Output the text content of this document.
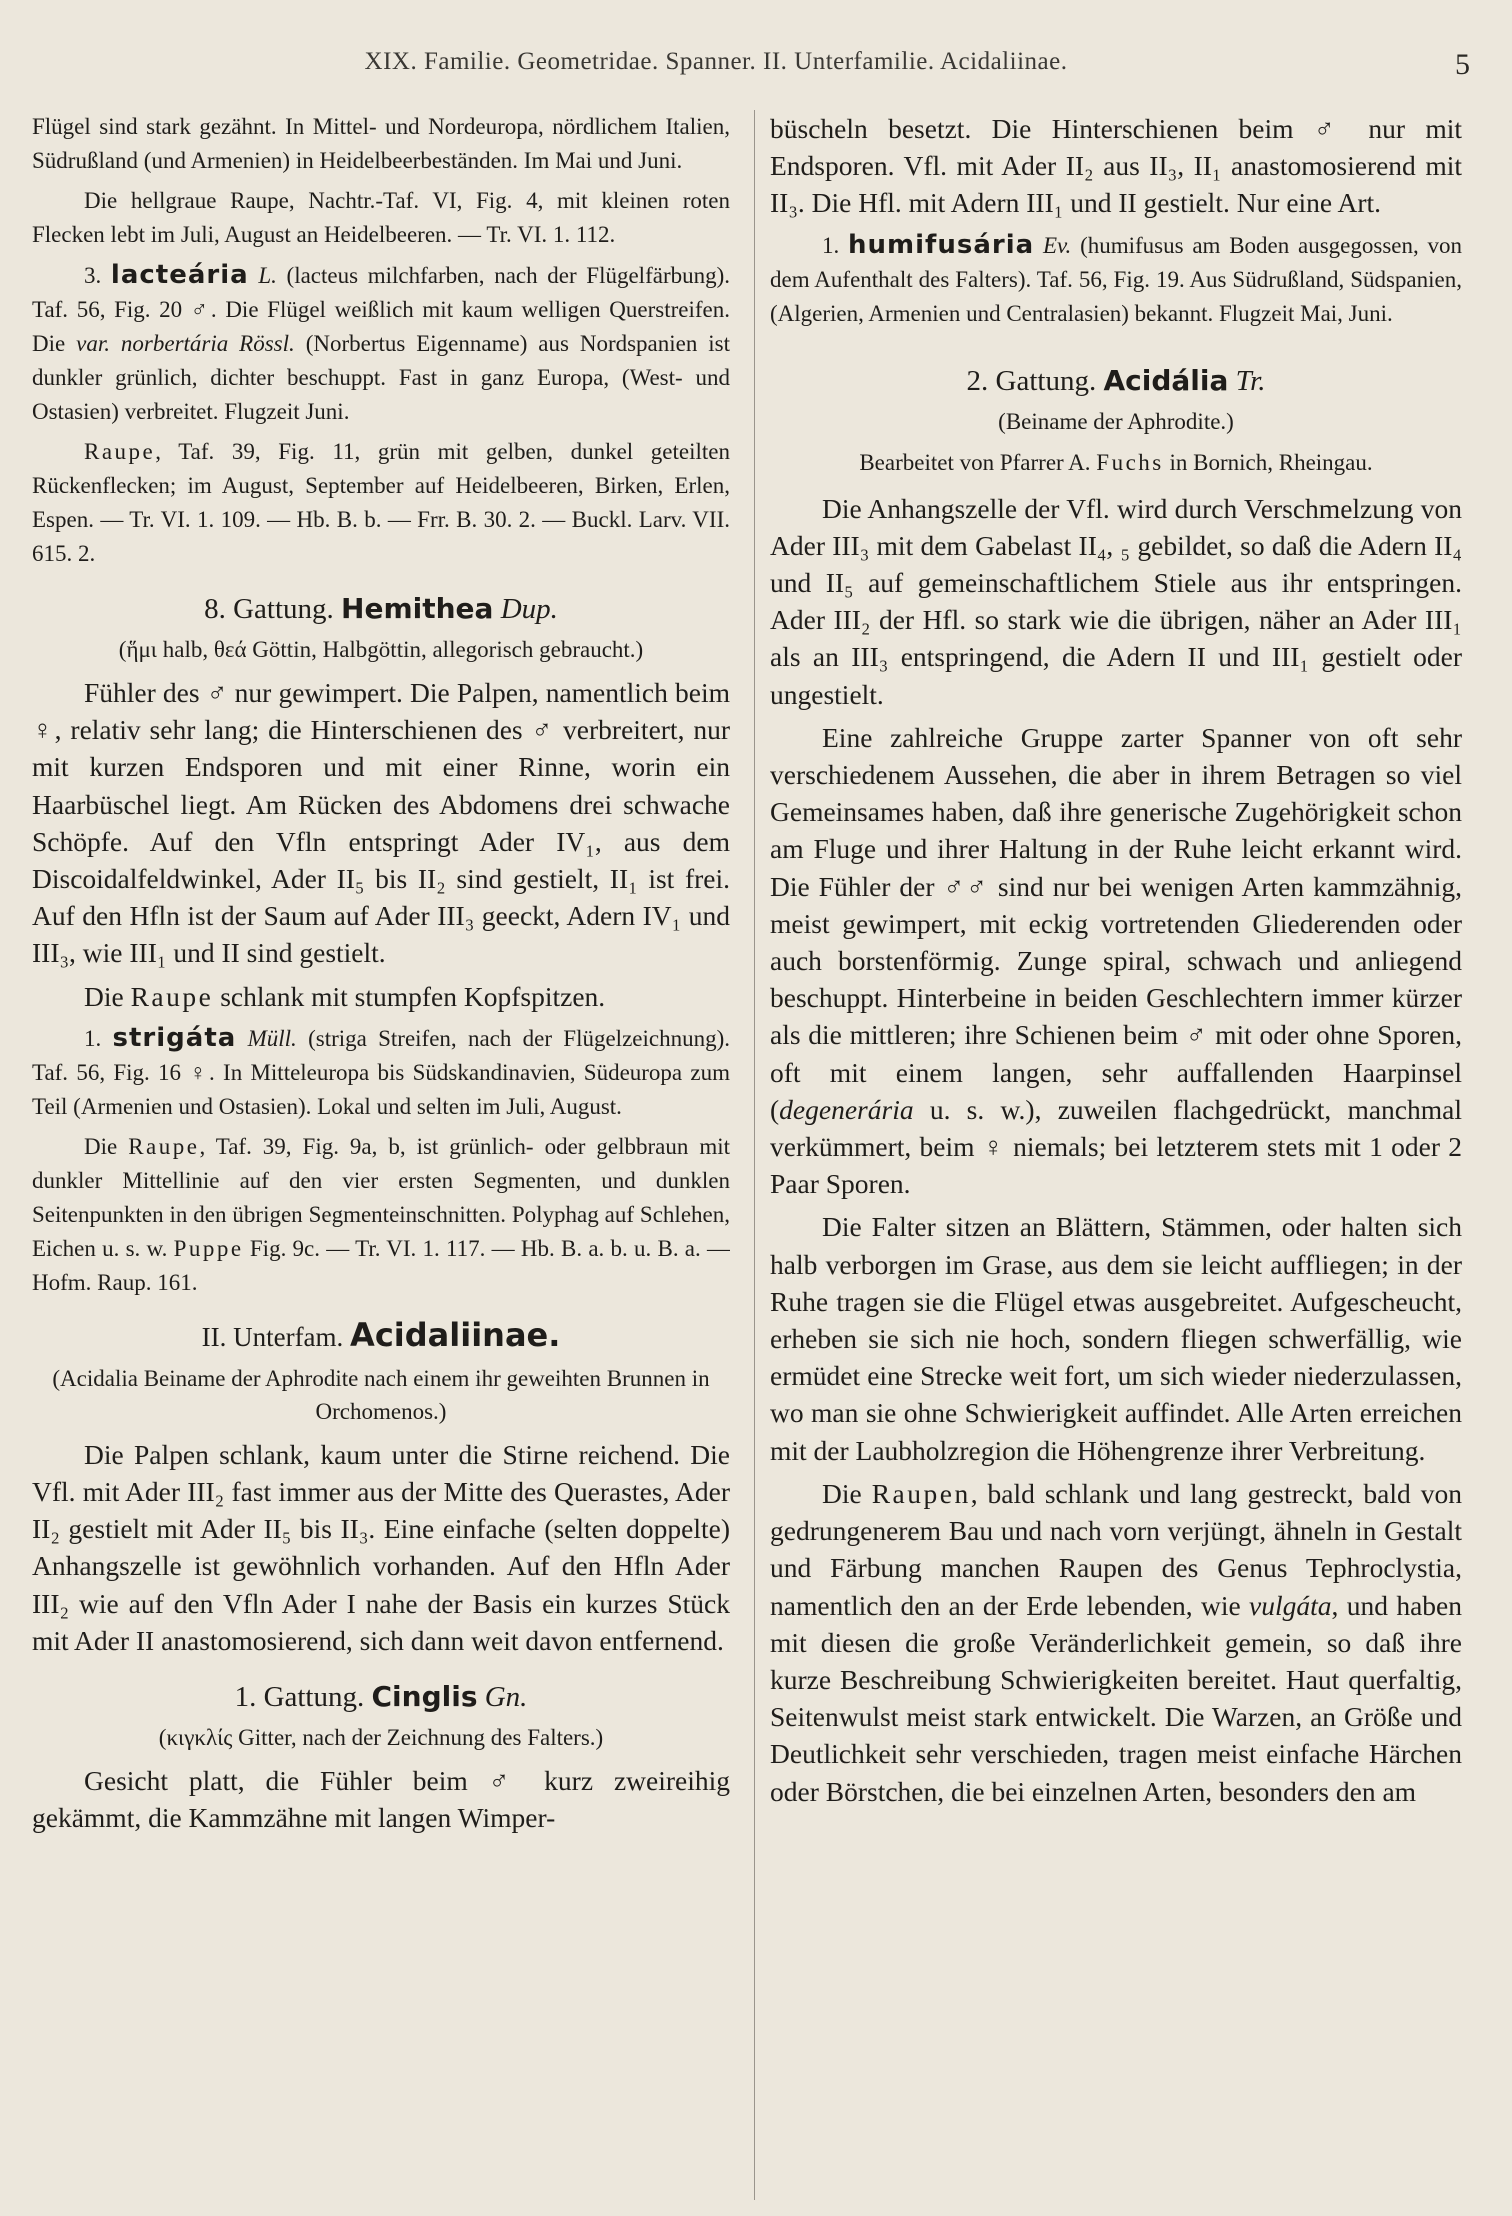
XIX. Familie. Geometridae. Spanner. II. Unterfamilie. Acidaliinae.	5

Flügel sind stark gezähnt. In Mittel- und Nordeuropa, nördlichem Italien, Südrußland (und Armenien) in Heidelbeerbeständen. Im Mai und Juni.

Die hellgraue Raupe, Nachtr.-Taf. VI, Fig. 4, mit kleinen roten Flecken lebt im Juli, August an Heidelbeeren. — Tr. VI. 1. 112.

3. lacteária L. (lacteus milchfarben, nach der Flügelfärbung). Taf. 56, Fig. 20 ♂. Die Flügel weißlich mit kaum welligen Querstreifen. Die var. norbertária Rössl. (Norbertus Eigenname) aus Nordspanien ist dunkler grünlich, dichter beschuppt. Fast in ganz Europa, (West- und Ostasien) verbreitet. Flugzeit Juni.

Raupe, Taf. 39, Fig. 11, grün mit gelben, dunkel geteilten Rückenflecken; im August, September auf Heidelbeeren, Birken, Erlen, Espen. — Tr. VI. 1. 109. — Hb. B. b. — Frr. B. 30. 2. — Buckl. Larv. VII. 615. 2.

8. Gattung. Hemithea Dup.
(ἥμι halb, θεά Göttin, Halbgöttin, allegorisch gebraucht.)

Fühler des ♂ nur gewimpert. Die Palpen, namentlich beim ♀, relativ sehr lang; die Hinterschienen des ♂ verbreitert, nur mit kurzen Endsporen und mit einer Rinne, worin ein Haarbüschel liegt. Am Rücken des Abdomens drei schwache Schöpfe. Auf den Vfln entspringt Ader IV₁, aus dem Discoidalfeldwinkel, Ader II₅ bis II₂ sind gestielt, II₁ ist frei. Auf den Hfln ist der Saum auf Ader III₃ geeckt, Adern IV₁ und III₃, wie III₁ und II sind gestielt.

Die Raupe schlank mit stumpfen Kopfspitzen.

1. strigáta Müll. (striga Streifen, nach der Flügelzeichnung). Taf. 56, Fig. 16 ♀. In Mitteleuropa bis Südskandinavien, Südeuropa zum Teil (Armenien und Ostasien). Lokal und selten im Juli, August.

Die Raupe, Taf. 39, Fig. 9a, b, ist grünlich- oder gelbbraun mit dunkler Mittellinie auf den vier ersten Segmenten, und dunklen Seitenpunkten in den übrigen Segmenteinschnitten. Polyphag auf Schlehen, Eichen u. s. w. Puppe Fig. 9c. — Tr. VI. 1. 117. — Hb. B. a. b. u. B. a. — Hofm. Raup. 161.

II. Unterfam. Acidaliinae.
(Acidalia Beiname der Aphrodite nach einem ihr geweihten Brunnen in Orchomenos.)

Die Palpen schlank, kaum unter die Stirne reichend. Die Vfl. mit Ader III₂ fast immer aus der Mitte des Querastes, Ader II₂ gestielt mit Ader II₅ bis II₃. Eine einfache (selten doppelte) Anhangszelle ist gewöhnlich vorhanden. Auf den Hfln Ader III₂ wie auf den Vfln Ader I nahe der Basis ein kurzes Stück mit Ader II anastomosierend, sich dann weit davon entfernend.

1. Gattung. Cinglis Gn.
(κιγκλίς Gitter, nach der Zeichnung des Falters.)

Gesicht platt, die Fühler beim ♂ kurz zweireihig gekämmt, die Kammzähne mit langen Wimper-

büscheln besetzt. Die Hinterschienen beim ♂ nur mit Endsporen. Vfl. mit Ader II₂ aus II₃, II₁ anastomosierend mit II₃. Die Hfl. mit Adern III₁ und II gestielt. Nur eine Art.

1. humifusária Ev. (humifusus am Boden ausgegossen, von dem Aufenthalt des Falters). Taf. 56, Fig. 19. Aus Südrußland, Südspanien, (Algerien, Armenien und Centralasien) bekannt. Flugzeit Mai, Juni.

2. Gattung. Acidália Tr.
(Beiname der Aphrodite.)
Bearbeitet von Pfarrer A. Fuchs in Bornich, Rheingau.

Die Anhangszelle der Vfl. wird durch Verschmelzung von Ader III₃ mit dem Gabelast II₄, ₅ gebildet, so daß die Adern II₄ und II₅ auf gemeinschaftlichem Stiele aus ihr entspringen. Ader III₂ der Hfl. so stark wie die übrigen, näher an Ader III₁ als an III₃ entspringend, die Adern II und III₁ gestielt oder ungestielt.

Eine zahlreiche Gruppe zarter Spanner von oft sehr verschiedenem Aussehen, die aber in ihrem Betragen so viel Gemeinsames haben, daß ihre generische Zugehörigkeit schon am Fluge und ihrer Haltung in der Ruhe leicht erkannt wird. Die Fühler der ♂♂ sind nur bei wenigen Arten kammzähnig, meist gewimpert, mit eckig vortretenden Gliederenden oder auch borstenförmig. Zunge spiral, schwach und anliegend beschuppt. Hinterbeine in beiden Geschlechtern immer kürzer als die mittleren; ihre Schienen beim ♂ mit oder ohne Sporen, oft mit einem langen, sehr auffallenden Haarpinsel (degenerária u. s. w.), zuweilen flachgedrückt, manchmal verkümmert, beim ♀ niemals; bei letzterem stets mit 1 oder 2 Paar Sporen.

Die Falter sitzen an Blättern, Stämmen, oder halten sich halb verborgen im Grase, aus dem sie leicht auffliegen; in der Ruhe tragen sie die Flügel etwas ausgebreitet. Aufgescheucht, erheben sie sich nie hoch, sondern fliegen schwerfällig, wie ermüdet eine Strecke weit fort, um sich wieder niederzulassen, wo man sie ohne Schwierigkeit auffindet. Alle Arten erreichen mit der Laubholzregion die Höhengrenze ihrer Verbreitung.

Die Raupen, bald schlank und lang gestreckt, bald von gedrungenerem Bau und nach vorn verjüngt, ähneln in Gestalt und Färbung manchen Raupen des Genus Tephroclystia, namentlich den an der Erde lebenden, wie vulgáta, und haben mit diesen die große Veränderlichkeit gemein, so daß ihre kurze Beschreibung Schwierigkeiten bereitet. Haut querfaltig, Seitenwulst meist stark entwickelt. Die Warzen, an Größe und Deutlichkeit sehr verschieden, tragen meist einfache Härchen oder Börstchen, die bei einzelnen Arten, besonders den am
